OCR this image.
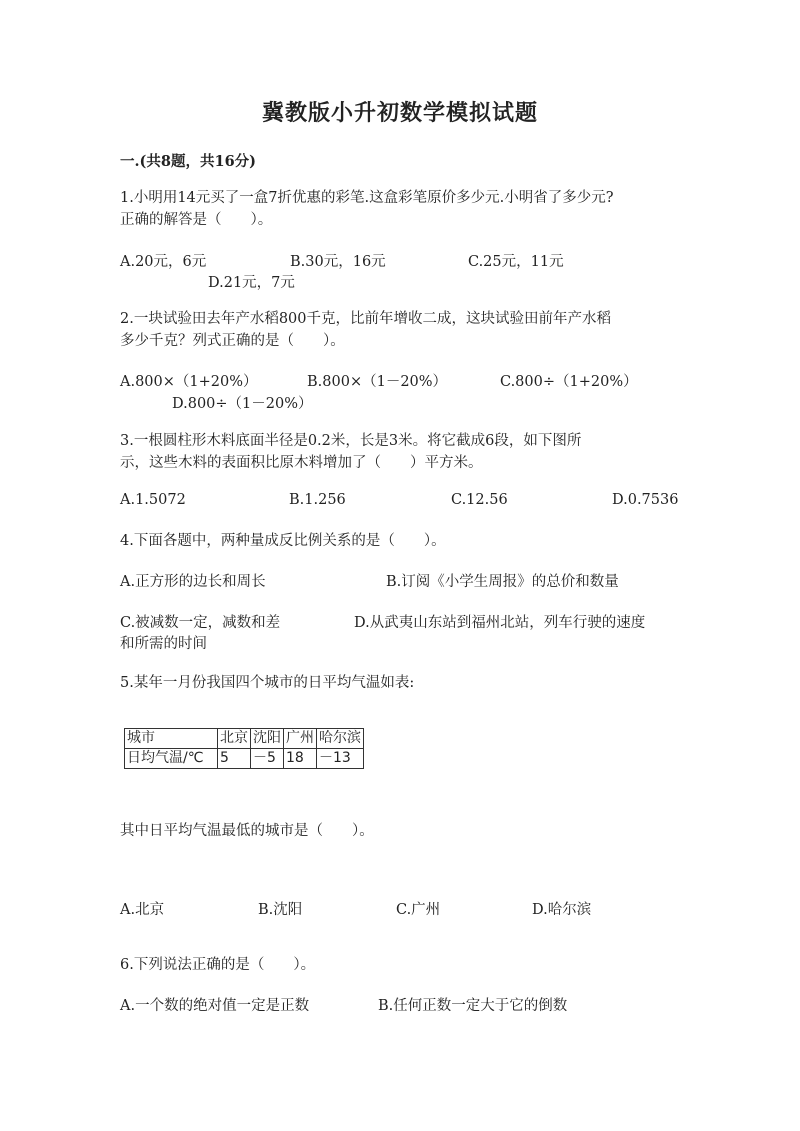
冀教版小升初数学模拟试题
一.(共8题，共16分)
1.小明用14元买了一盒7折优惠的彩笔.这盒彩笔原价多少元.小明省了多少元?
正确的解答是（　　）。
A.20元，6元	B.30元，16元	C.25元，11元
D.21元，7元
2.一块试验田去年产水稻800千克，比前年增收二成，这块试验田前年产水稻
多少千克？列式正确的是（　　）。
A.800×（1+20%）	B.800×（1－20%）	C.800÷（1+20%）
D.800÷（1－20%）
3.一根圆柱形木料底面半径是0.2米，长是3米。将它截成6段，如下图所
示，这些木料的表面积比原木料增加了（　　）平方米。
A.1.5072	B.1.256	C.12.56	D.0.7536
4.下面各题中，两种量成反比例关系的是（　　）。
A.正方形的边长和周长	B.订阅《小学生周报》的总价和数量
C.被减数一定，减数和差	D.从武夷山东站到福州北站，列车行驶的速度
和所需的时间
5.某年一月份我国四个城市的日平均气温如表:
城市	北京	沈阳	广州	哈尔滨
日均气温/℃	5	－5	18	－13
其中日平均气温最低的城市是（　　）。
A.北京	B.沈阳	C.广州	D.哈尔滨
6.下列说法正确的是（　　）。
A.一个数的绝对值一定是正数	B.任何正数一定大于它的倒数
